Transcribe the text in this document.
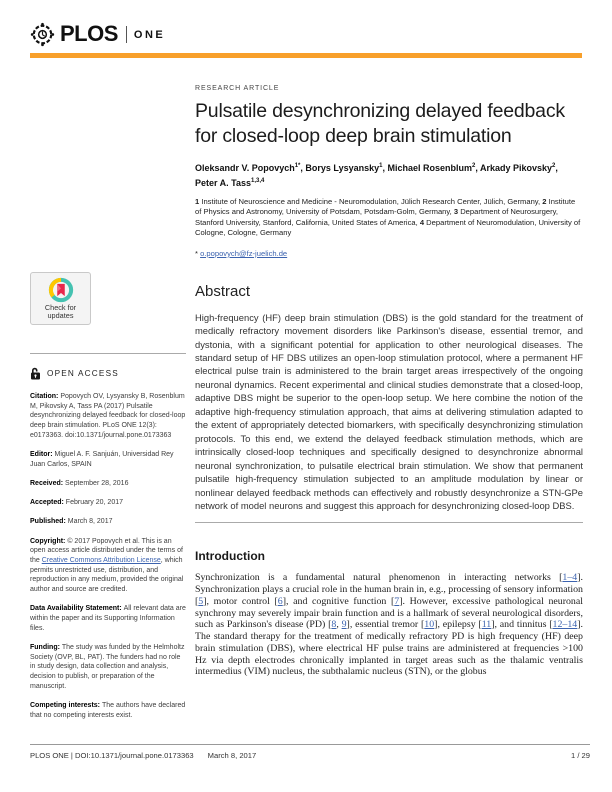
PLOS ONE
Check for
updates
OPEN ACCESS

Citation: Popovych OV, Lysyansky B, Rosenblum M, Pikovsky A, Tass PA (2017) Pulsatile desynchronizing delayed feedback for closed-loop deep brain stimulation. PLoS ONE 12(3): e0173363. doi:10.1371/journal.pone.0173363

Editor: Miguel A. F. Sanjuán, Universidad Rey Juan Carlos, SPAIN

Received: September 28, 2016

Accepted: February 20, 2017

Published: March 8, 2017

Copyright: © 2017 Popovych et al. This is an open access article distributed under the terms of the Creative Commons Attribution License, which permits unrestricted use, distribution, and reproduction in any medium, provided the original author and source are credited.

Data Availability Statement: All relevant data are within the paper and its Supporting Information files.

Funding: The study was funded by the Helmholtz Society (OVP, BL, PAT). The funders had no role in study design, data collection and analysis, decision to publish, or preparation of the manuscript.

Competing interests: The authors have declared that no competing interests exist.

RESEARCH ARTICLE
Pulsatile desynchronizing delayed feedback
for closed-loop deep brain stimulation
Oleksandr V. Popovych$^{1*}$, Borys Lysyansky$^1$, Michael Rosenblum$^2$, Arkady Pikovsky$^2$,
Peter A. Tass$^{1,3,4}$
1 Institute of Neuroscience and Medicine - Neuromodulation, Jülich Research Center, Jülich, Germany, 2 Institute of Physics and Astronomy, University of Potsdam, Potsdam-Golm, Germany, 3 Department of Neurosurgery, Stanford University, Stanford, California, United States of America, 4 Department of Neuromodulation, University of Cologne, Cologne, Germany
* o.popovych@fz-juelich.de
Abstract

High-frequency (HF) deep brain stimulation (DBS) is the gold standard for the treatment of medically refractory movement disorders like Parkinson's disease, essential tremor, and dystonia, with a significant potential for application to other neurological diseases. The standard setup of HF DBS utilizes an open-loop stimulation protocol, where a permanent HF electrical pulse train is administered to the brain target areas irrespectively of the ongoing neuronal dynamics. Recent experimental and clinical studies demonstrate that a closed-loop, adaptive DBS might be superior to the open-loop setup. We here combine the notion of the adaptive high-frequency stimulation approach, that aims at delivering stimulation adapted to the extent of appropriately detected biomarkers, with specifically desynchronizing stimulation protocols. To this end, we extend the delayed feedback stimulation methods, which are intrinsically closed-loop techniques and specifically designed to desynchronize abnormal neuronal synchronization, to pulsatile electrical brain stimulation. We show that permanent pulsatile high-frequency stimulation subjected to an amplitude modulation by linear or nonlinear delayed feedback methods can effectively and robustly desynchronize a STN-GPe network of model neurons and suggest this approach for desynchronizing closed-loop DBS.

Introduction

Synchronization is a fundamental natural phenomenon in interacting networks [1–4]. Synchronization plays a crucial role in the human brain in, e.g., processing of sensory information [5], motor control [6], and cognitive function [7]. However, excessive pathological neuronal synchrony may severely impair brain function and is a hallmark of several neurological disorders, such as Parkinson's disease (PD) [8, 9], essential tremor [10], epilepsy [11], and tinnitus [12–14]. The standard therapy for the treatment of medically refractory PD is high frequency (HF) deep brain stimulation (DBS), where electrical HF pulse trains are administered at frequencies >100 Hz via depth electrodes chronically implanted in target areas such as the thalamic ventralis intermedius (VIM) nucleus, the subthalamic nucleus (STN), or the globus

PLOS ONE | DOI:10.1371/journal.pone.0173363 March 8, 2017	1 / 29
